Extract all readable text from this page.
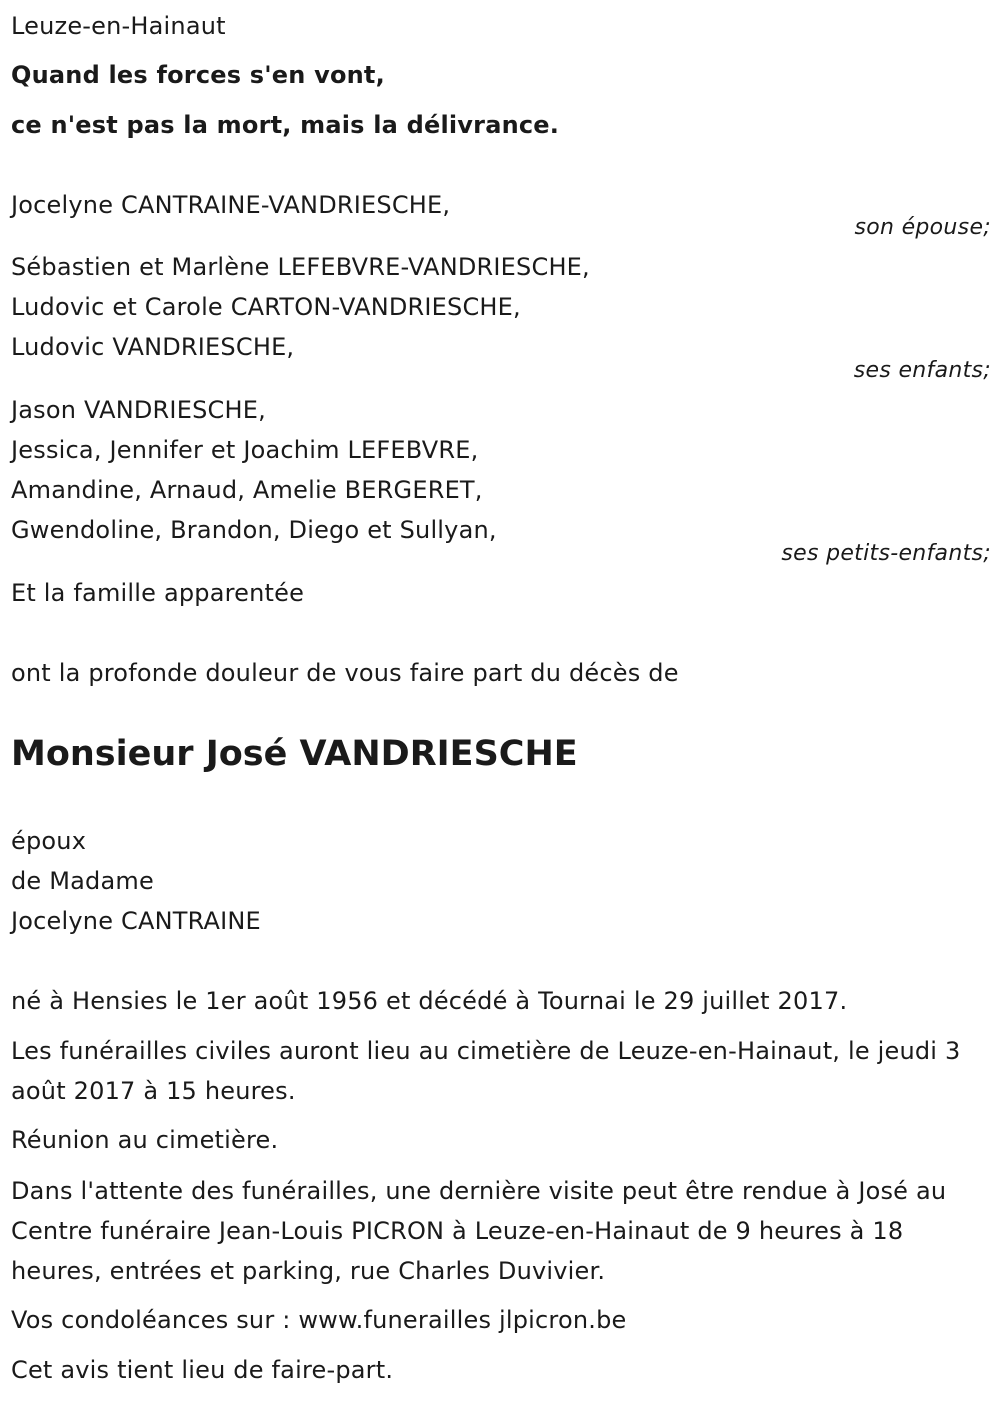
Leuze-en-Hainaut
Quand les forces s'en vont,
ce n'est pas la mort, mais la délivrance.
Jocelyne CANTRAINE-VANDRIESCHE,
son épouse;
Sébastien et Marlène LEFEBVRE-VANDRIESCHE,
Ludovic et Carole CARTON-VANDRIESCHE,
Ludovic VANDRIESCHE,
ses enfants;
Jason VANDRIESCHE,
Jessica, Jennifer et Joachim LEFEBVRE,
Amandine, Arnaud, Amelie BERGERET,
Gwendoline, Brandon, Diego et Sullyan,
ses petits-enfants;
Et la famille apparentée
ont la profonde douleur de vous faire part du décès de
Monsieur José VANDRIESCHE
époux
de Madame
Jocelyne CANTRAINE
né à Hensies le 1er août 1956 et décédé à Tournai le 29 juillet 2017.
Les funérailles civiles auront lieu au cimetière de Leuze-en-Hainaut, le jeudi 3 août 2017 à 15 heures.
Réunion au cimetière.
Dans l'attente des funérailles, une dernière visite peut être rendue à José au Centre funéraire Jean-Louis PICRON à Leuze-en-Hainaut de 9 heures à 18 heures, entrées et parking, rue Charles Duvivier.
Vos condoléances sur : www.funerailles jlpicron.be
Cet avis tient lieu de faire-part.
